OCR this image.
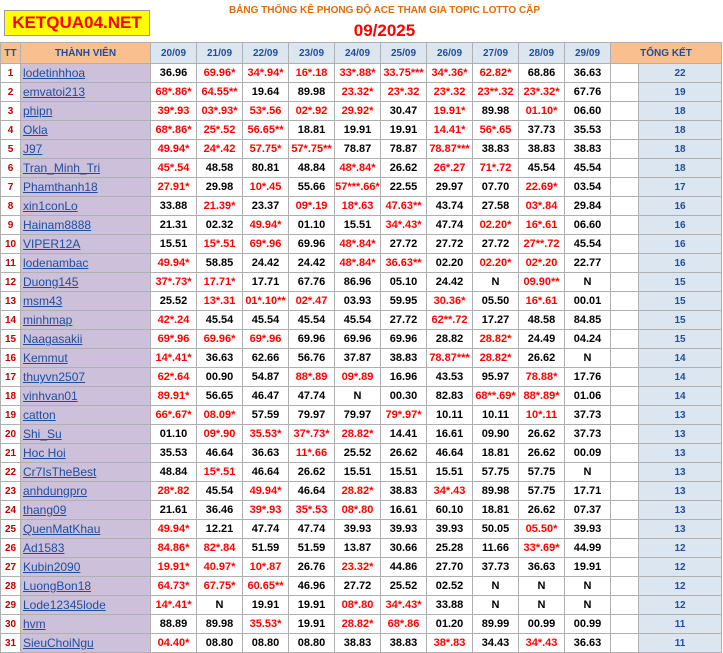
KETQUA04.NET
BẢNG THỐNG KÊ PHONG ĐỘ ACE THAM GIA TOPIC LOTTO CẶP
09/2025
TT	THÀNH VIÊN	20/09	21/09	22/09	23/09	24/09	25/09	26/09	27/09	28/09	29/09	TỔNG KẾT	
1	lodetinhhoa	36.96	69.96*	34*.94*	16*.18	33*.88*	33.75***	34*.36*	62.82*	68.86	36.63		22
2	emvatoi213	68*.86*	64.55**	19.64	89.98	23.32*	23*.32	23*.32	23**.32	23*.32*	67.76		19
3	phipn	39*.93	03*.93*	53*.56	02*.92	29.92*	30.47	19.91*	89.98	01.10*	06.60		18
4	Okla	68*.86*	25*.52	56.65**	18.81	19.91	19.91	14.41*	56*.65	37.73	35.53		18
5	J97	49.94*	24*.42	57.75*	57*.75**	78.87	78.87	78.87***	38.83	38.83	38.83		18
6	Tran_Minh_Tri	45*.54	48.58	80.81	48.84	48*.84*	26.62	26*.27	71*.72	45.54	45.54		18
7	Phamthanh18	27.91*	29.98	10*.45	55.66	57***.66*	22.55	29.97	07.70	22.69*	03.54		17
8	xin1conLo	33.88	21.39*	23.37	09*.19	18*.63	47.63**	43.74	27.58	03*.84	29.84		16
9	Hainam8888	21.31	02.32	49.94*	01.10	15.51	34*.43*	47.74	02.20*	16*.61	06.60		16
10	VIPER12A	15.51	15*.51	69*.96	69.96	48*.84*	27.72	27.72	27.72	27**.72	45.54		16
11	lodenambac	49.94*	58.85	24.42	24.42	48*.84*	36.63**	02.20	02.20*	02*.20	22.77		16
12	Duong145	37*.73*	17.71*	17.71	67.76	86.96	05.10	24.42	N	09.90**	N		15
13	msm43	25.52	13*.31	01*.10**	02*.47	03.93	59.95	30.36*	05.50	16*.61	00.01		15
14	minhmap	42*.24	45.54	45.54	45.54	45.54	27.72	62**.72	17.27	48.58	84.85		15
15	Naagasakii	69*.96	69.96*	69*.96	69.96	69.96	69.96	28.82	28.82*	24.49	04.24		15
16	Kemmut	14*.41*	36.63	62.66	56.76	37.87	38.83	78.87***	28.82*	26.62	N		14
17	thuyvn2507	62*.64	00.90	54.87	88*.89	09*.89	16.96	43.53	95.97	78.88*	17.76		14
18	vinhvan01	89.91*	56.65	46.47	47.74	N	00.30	82.83	68**.69*	88*.89*	01.06		14
19	catton	66*.67*	08.09*	57.59	79.97	79.97	79*.97*	10.11	10.11	10*.11	37.73		13
20	Shi_Su	01.10	09*.90	35.53*	37*.73*	28.82*	14.41	16.61	09.90	26.62	37.73		13
21	Hoc Hoi	35.53	46.64	36.63	11*.66	25.52	26.62	46.64	18.81	26.62	00.09		13
22	Cr7IsTheBest	48.84	15*.51	46.64	26.62	15.51	15.51	15.51	57.75	57.75	N		13
23	anhdungpro	28*.82	45.54	49.94*	46.64	28.82*	38.83	34*.43	89.98	57.75	17.71		13
24	thang09	21.61	36.46	39*.93	35*.53	08*.80	16.61	60.10	18.81	26.62	07.37		13
25	QuenMatKhau	49.94*	12.21	47.74	47.74	39.93	39.93	39.93	50.05	05.50*	39.93		13
26	Ad1583	84.86*	82*.84	51.59	51.59	13.87	30.66	25.28	11.66	33*.69*	44.99		12
27	Kubin2090	19.91*	40.97*	10*.87	26.76	23.32*	44.86	27.70	37.73	36.63	19.91		12
28	LuongBon18	64.73*	67.75*	60.65**	46.96	27.72	25.52	02.52	N	N	N		12
29	Lode12345lode	14*.41*	N	19.91	19.91	08*.80	34*.43*	33.88	N	N	N		12
30	hvm	88.89	89.98	35.53*	19.91	28.82*	68*.86	01.20	89.99	00.99	00.99		11
31	SieuChoiNgu	04.40*	08.80	08.80	08.80	38.83	38.83	38*.83	34.43	34*.43	36.63		11
